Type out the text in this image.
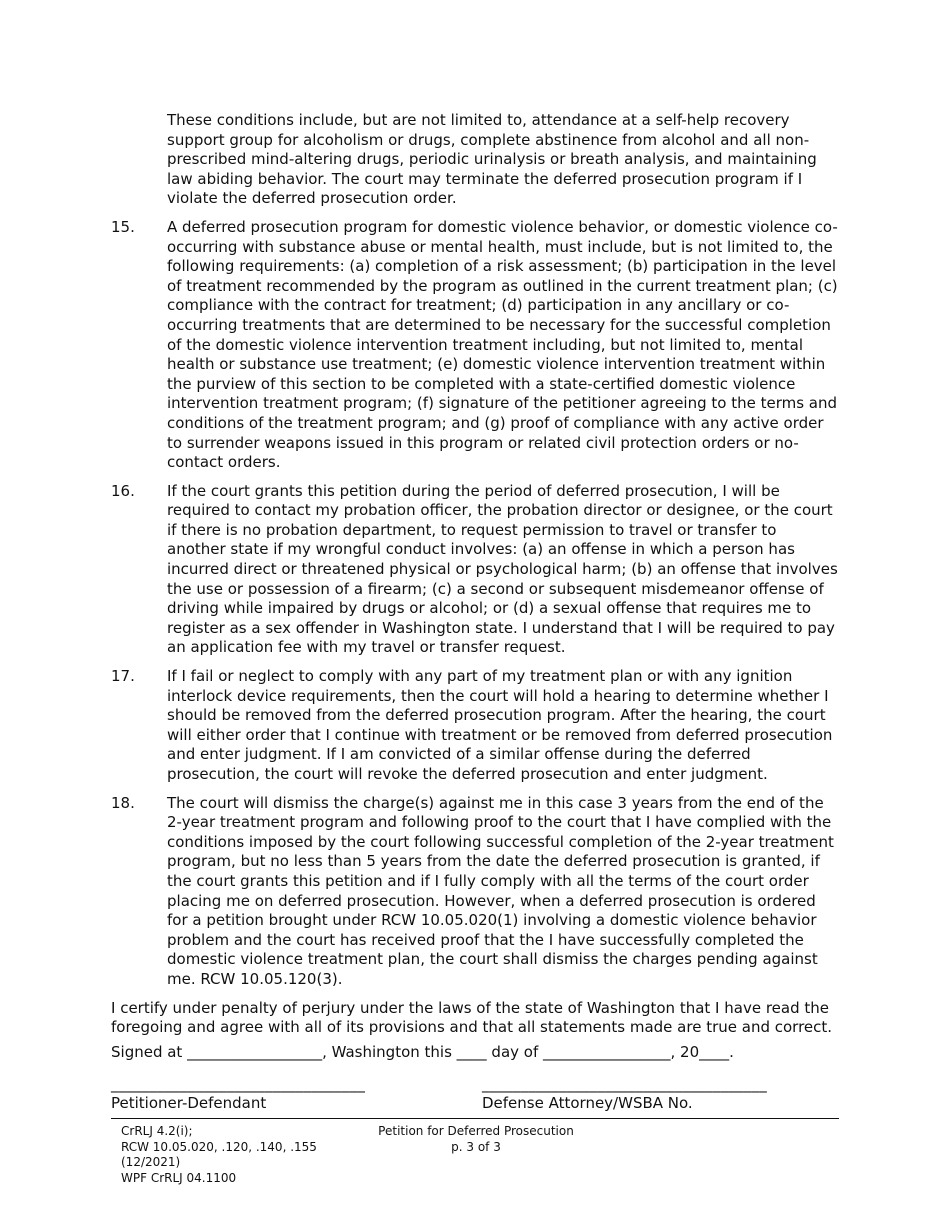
These conditions include, but are not limited to, attendance at a self-help recovery support group for alcoholism or drugs, complete abstinence from alcohol and all non-prescribed mind-altering drugs, periodic urinalysis or breath analysis, and maintaining law abiding behavior. The court may terminate the deferred prosecution program if I violate the deferred prosecution order.
15.	A deferred prosecution program for domestic violence behavior, or domestic violence co-occurring with substance abuse or mental health, must include, but is not limited to, the following requirements: (a) completion of a risk assessment; (b) participation in the level of treatment recommended by the program as outlined in the current treatment plan; (c) compliance with the contract for treatment; (d) participation in any ancillary or co-occurring treatments that are determined to be necessary for the successful completion of the domestic violence intervention treatment including, but not limited to, mental health or substance use treatment; (e) domestic violence intervention treatment within the purview of this section to be completed with a state-certified domestic violence intervention treatment program; (f) signature of the petitioner agreeing to the terms and conditions of the treatment program; and (g) proof of compliance with any active order to surrender weapons issued in this program or related civil protection orders or no-contact orders.
16.	If the court grants this petition during the period of deferred prosecution, I will be required to contact my probation officer, the probation director or designee, or the court if there is no probation department, to request permission to travel or transfer to another state if my wrongful conduct involves: (a) an offense in which a person has incurred direct or threatened physical or psychological harm; (b) an offense that involves the use or possession of a firearm; (c) a second or subsequent misdemeanor offense of driving while impaired by drugs or alcohol; or (d) a sexual offense that requires me to register as a sex offender in Washington state. I understand that I will be required to pay an application fee with my travel or transfer request.
17.	If I fail or neglect to comply with any part of my treatment plan or with any ignition interlock device requirements, then the court will hold a hearing to determine whether I should be removed from the deferred prosecution program. After the hearing, the court will either order that I continue with treatment or be removed from deferred prosecution and enter judgment. If I am convicted of a similar offense during the deferred prosecution, the court will revoke the deferred prosecution and enter judgment.
18.	The court will dismiss the charge(s) against me in this case 3 years from the end of the 2-year treatment program and following proof to the court that I have complied with the conditions imposed by the court following successful completion of the 2-year treatment program, but no less than 5 years from the date the deferred prosecution is granted, if the court grants this petition and if I fully comply with all the terms of the court order placing me on deferred prosecution. However, when a deferred prosecution is ordered for a petition brought under RCW 10.05.020(1) involving a domestic violence behavior problem and the court has received proof that the I have successfully completed the domestic violence treatment plan, the court shall dismiss the charges pending against me. RCW 10.05.120(3).
I certify under penalty of perjury under the laws of the state of Washington that I have read the foregoing and agree with all of its provisions and that all statements made are true and correct.
Signed at __________________, Washington this ____ day of _________________, 20____.
_________________________________
Petitioner-Defendant
_____________________________________
Defense Attorney/WSBA No.
CrRLJ 4.2(i);
RCW 10.05.020, .120, .140, .155
(12/2021)
WPF CrRLJ 04.1100
Petition for Deferred Prosecution
p. 3 of 3
